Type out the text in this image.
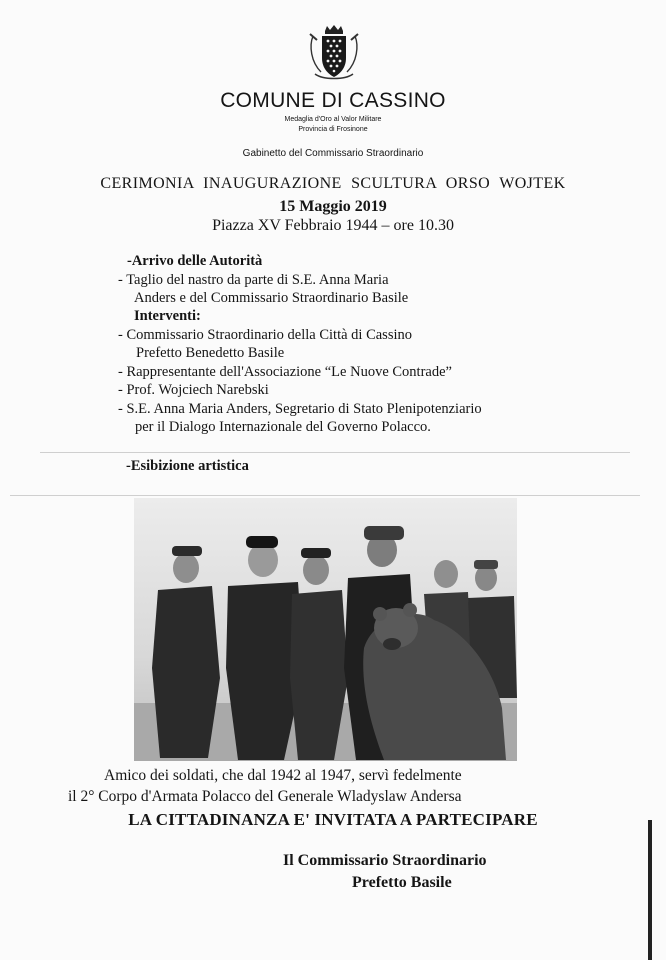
COMUNE DI CASSINO
Medaglia d'Oro al Valor Militare
Provincia di Frosinone
Gabinetto del Commissario Straordinario
CERIMONIA INAUGURAZIONE SCULTURA ORSO WOJTEK
15 Maggio 2019
Piazza XV Febbraio 1944 – ore 10.30
-Arrivo delle Autorità
- Taglio del nastro da parte di S.E. Anna Maria
Anders e del Commissario Straordinario Basile
Interventi:
- Commissario Straordinario della Città di Cassino
Prefetto Benedetto Basile
- Rappresentante dell'Associazione “Le Nuove Contrade”
- Prof. Wojciech Narebski
- S.E. Anna Maria Anders, Segretario di Stato Plenipotenziario
per il Dialogo Internazionale del Governo Polacco.
-Esibizione artistica
Amico dei soldati, che dal 1942 al 1947, servì fedelmente
il 2° Corpo d'Armata Polacco del Generale Wladyslaw Andersa
LA CITTADINANZA E' INVITATA A PARTECIPARE
Il Commissario Straordinario
Prefetto Basile
